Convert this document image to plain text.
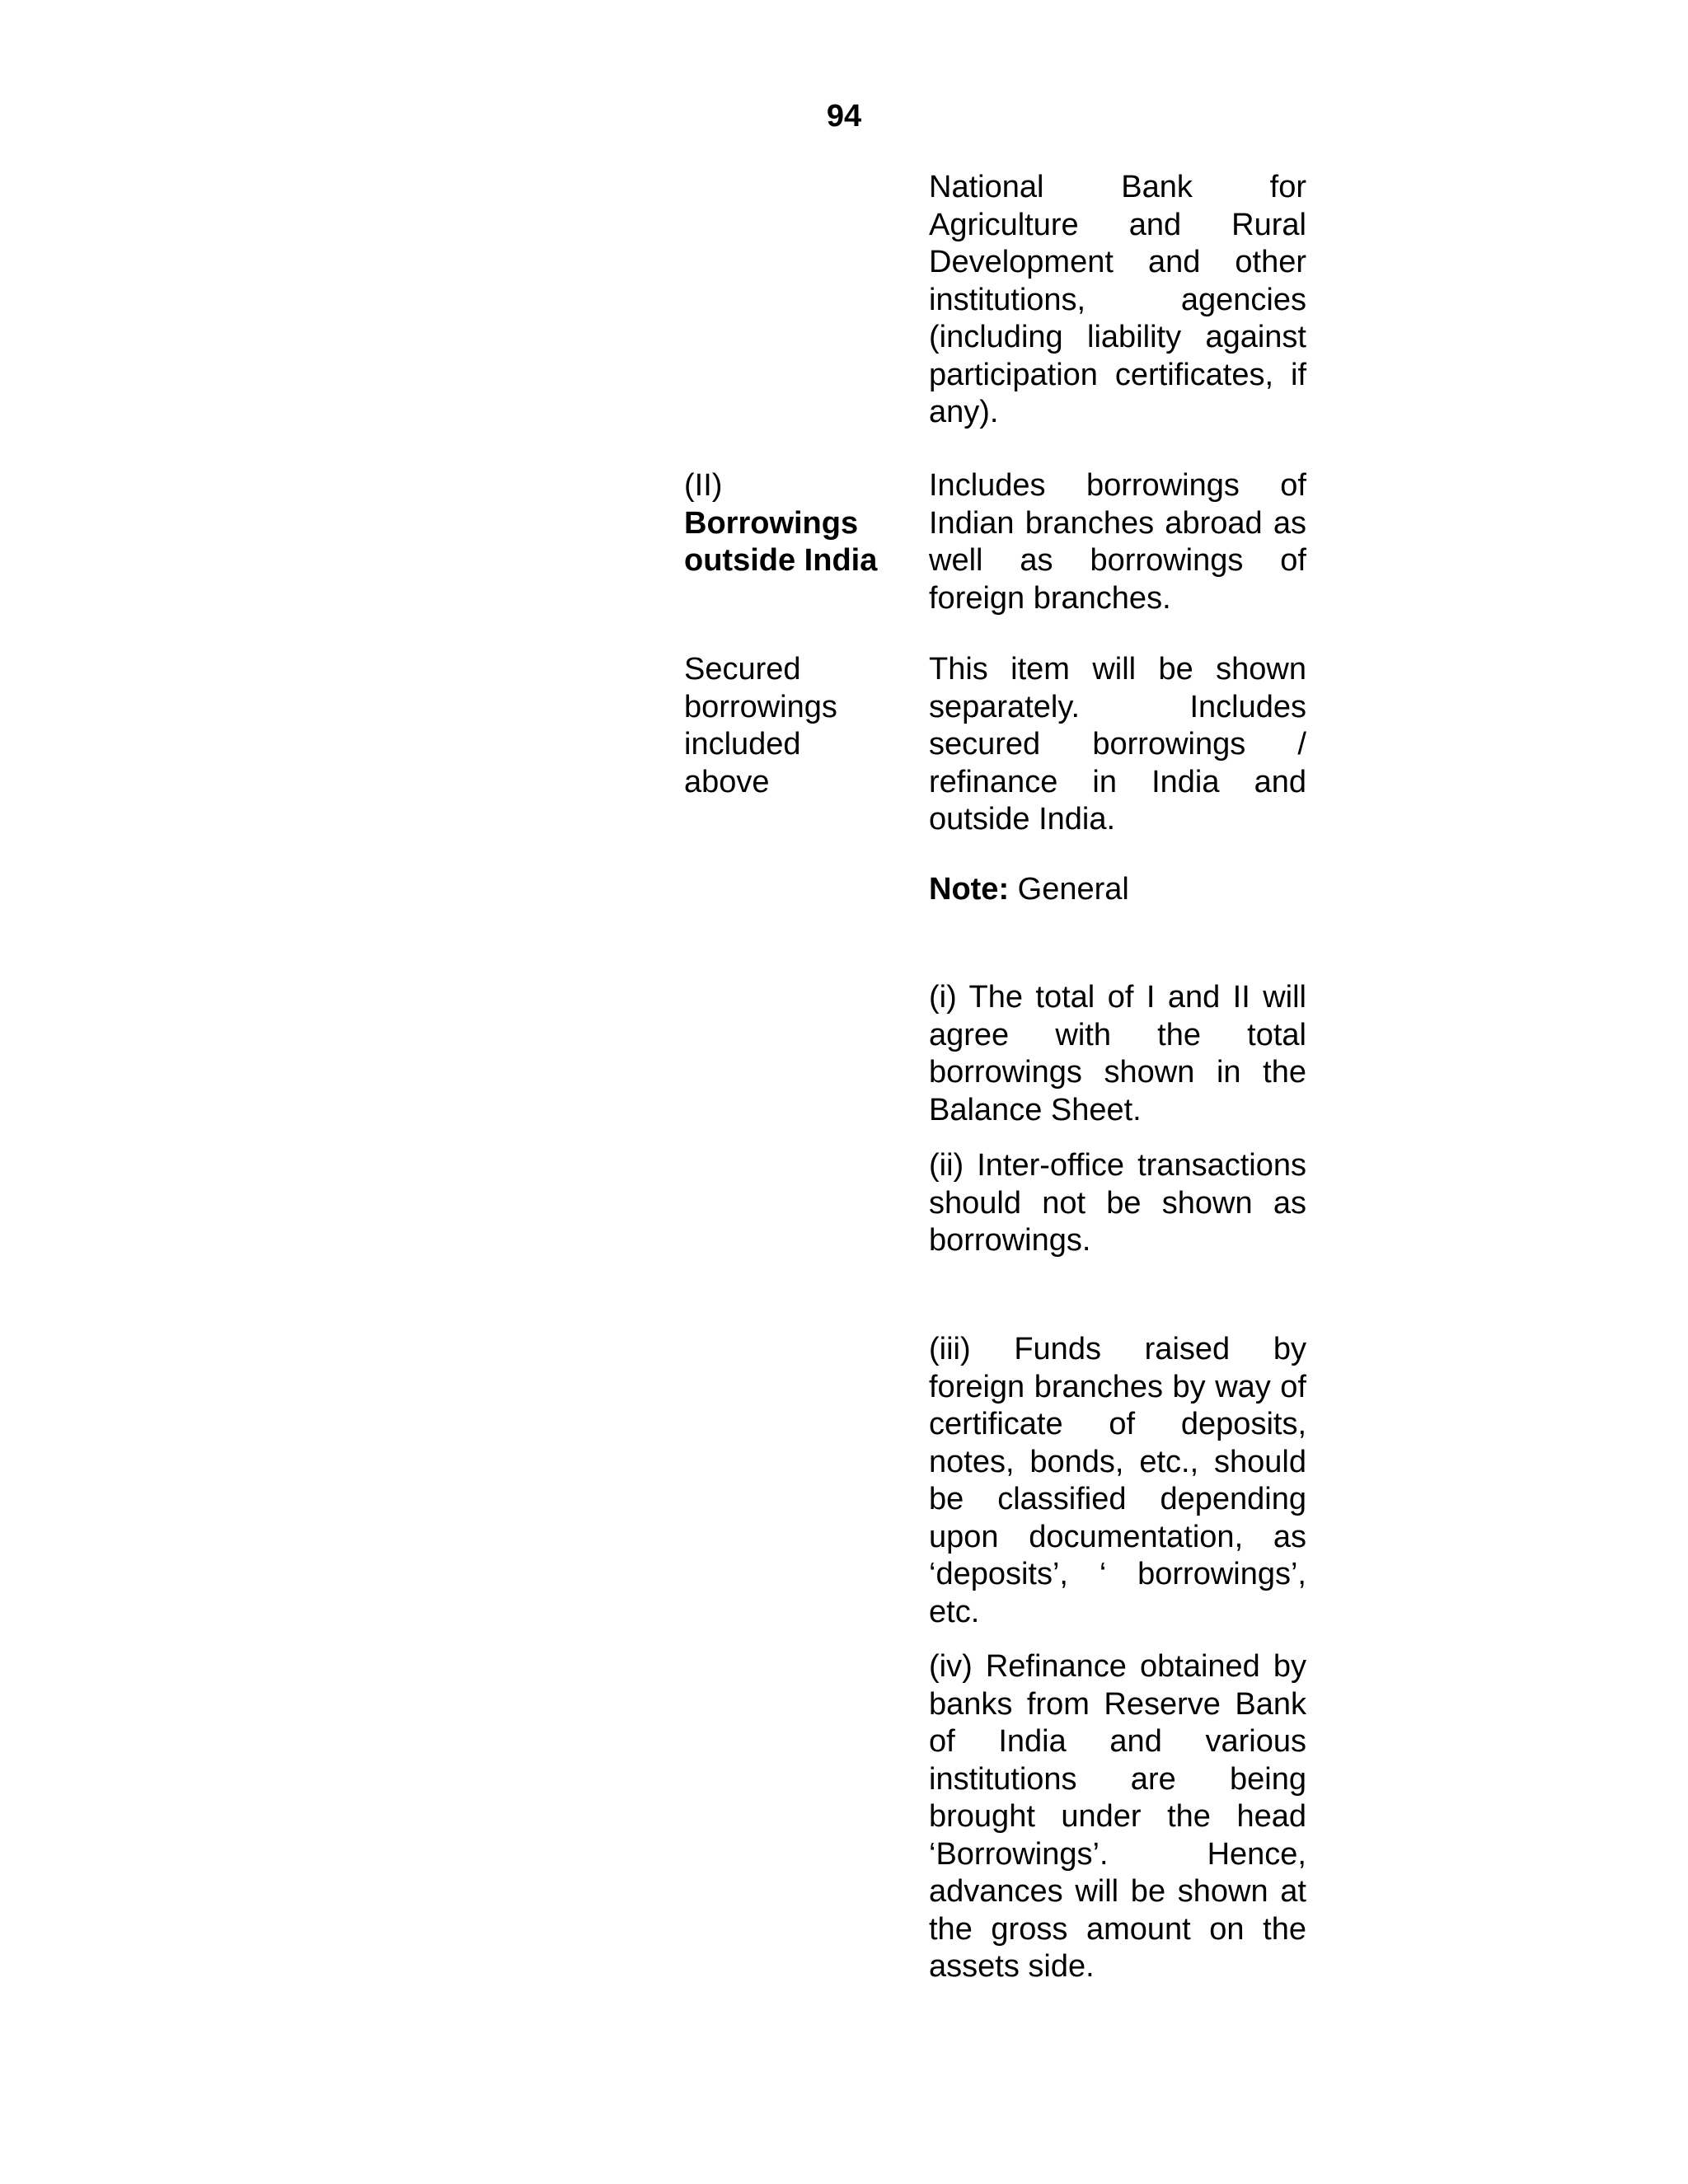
94
National Bank for Agriculture and Rural Development and other institutions, agencies (including liability against participation certificates, if any).
(II)
Borrowings
outside India
Includes borrowings of Indian branches abroad as well as borrowings of foreign branches.
Secured
borrowings
included
above
This item will be shown separately. Includes secured borrowings / refinance in India and outside India.
Note: General
(i) The total of I and II will agree with the total borrowings shown in the Balance Sheet.
(ii) Inter-office transactions should not be shown as borrowings.
(iii) Funds raised by foreign branches by way of certificate of deposits, notes, bonds, etc., should be classified depending upon documentation, as ‘deposits’, ‘ borrowings’, etc.
(iv) Refinance obtained by banks from Reserve Bank of India and various institutions are being brought under the head ‘Borrowings’. Hence, advances will be shown at the gross amount on the assets side.
